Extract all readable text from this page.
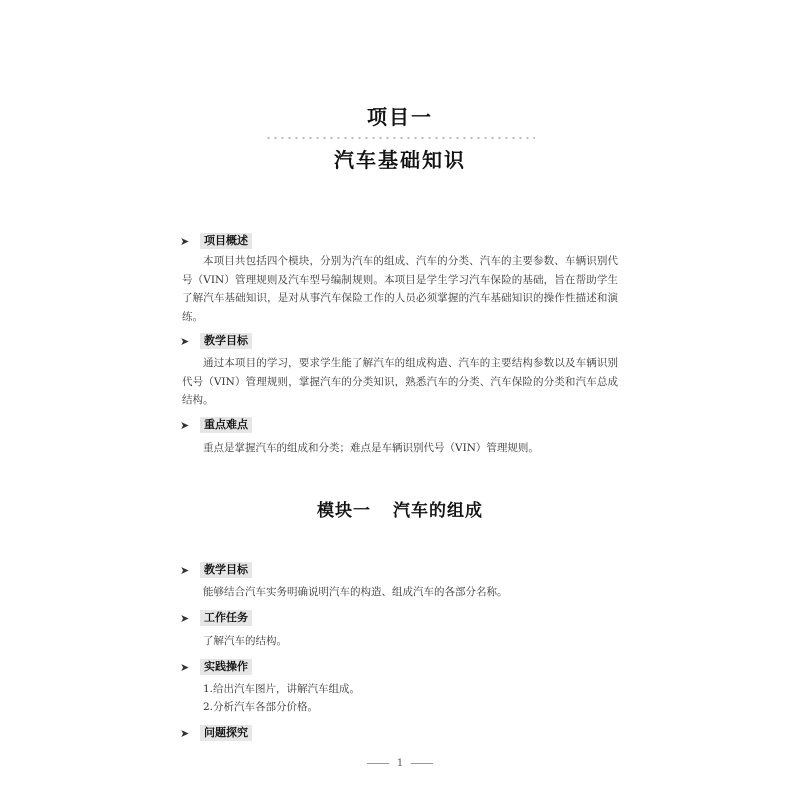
项目一
汽车基础知识
➤	项目概述
本项目共包括四个模块，分别为汽车的组成、汽车的分类、汽车的主要参数、车辆识别代号（VIN）管理规则及汽车型号编制规则。本项目是学生学习汽车保险的基础，旨在帮助学生了解汽车基础知识，是对从事汽车保险工作的人员必须掌握的汽车基础知识的操作性描述和演练。
➤	教学目标
通过本项目的学习，要求学生能了解汽车的组成构造、汽车的主要结构参数以及车辆识别代号（VIN）管理规则，掌握汽车的分类知识，熟悉汽车的分类、汽车保险的分类和汽车总成结构。
➤	重点难点
重点是掌握汽车的组成和分类；难点是车辆识别代号（VIN）管理规则。
模块一 汽车的组成
➤	教学目标
能够结合汽车实务明确说明汽车的构造、组成汽车的各部分名称。
➤	工作任务
了解汽车的结构。
➤	实践操作
1.给出汽车图片，讲解汽车组成。
2.分析汽车各部分价格。
➤	问题探究
1
